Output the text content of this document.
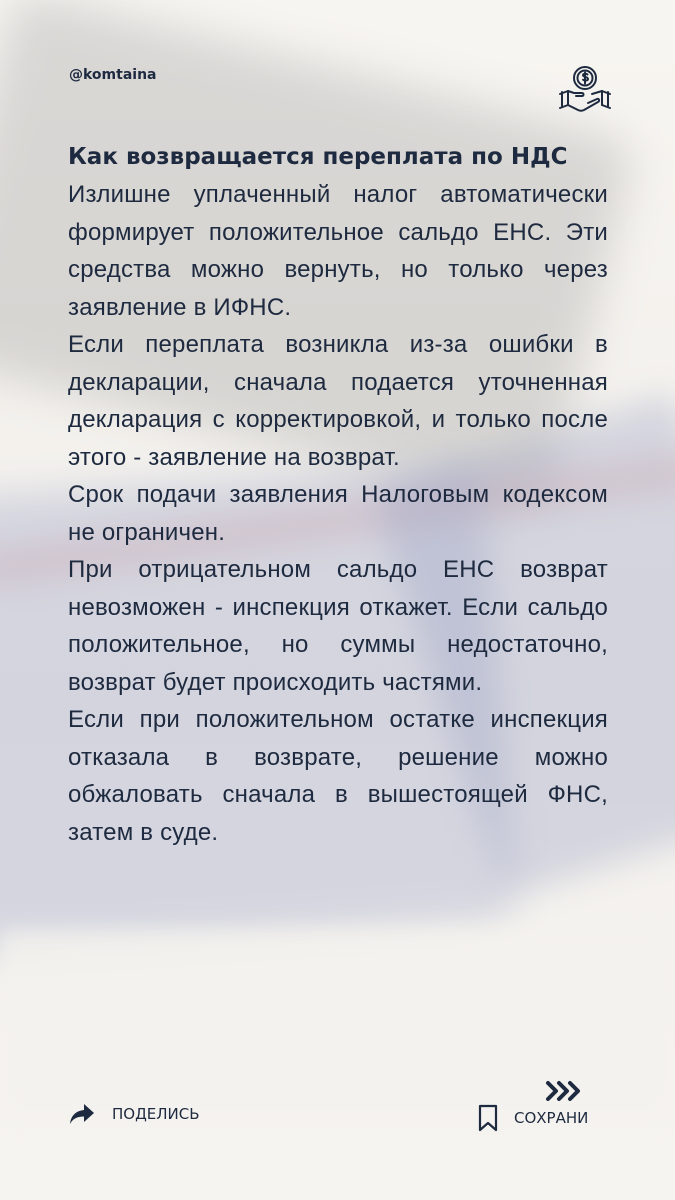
@komtaina
Как возвращается переплата по НДС

Излишне уплаченный налог автоматически формирует положительное сальдо ЕНС. Эти средства можно вернуть, но только через заявление в ИФНС.

Если переплата возникла из‑за ошибки в декларации, сначала подается уточненная декларация с корректировкой, и только после этого ‑ заявление на возврат.

Срок подачи заявления Налоговым кодексом не ограничен.

При отрицательном сальдо ЕНС возврат невозможен ‑ инспекция откажет. Если сальдо положительное, но суммы недостаточно, возврат будет происходить частями.

Если при положительном остатке инспекция отказала в возврате, решение можно обжаловать сначала в вышестоящей ФНС, затем в суде.

ПОДЕЛИСЬ	СОХРАНИ
